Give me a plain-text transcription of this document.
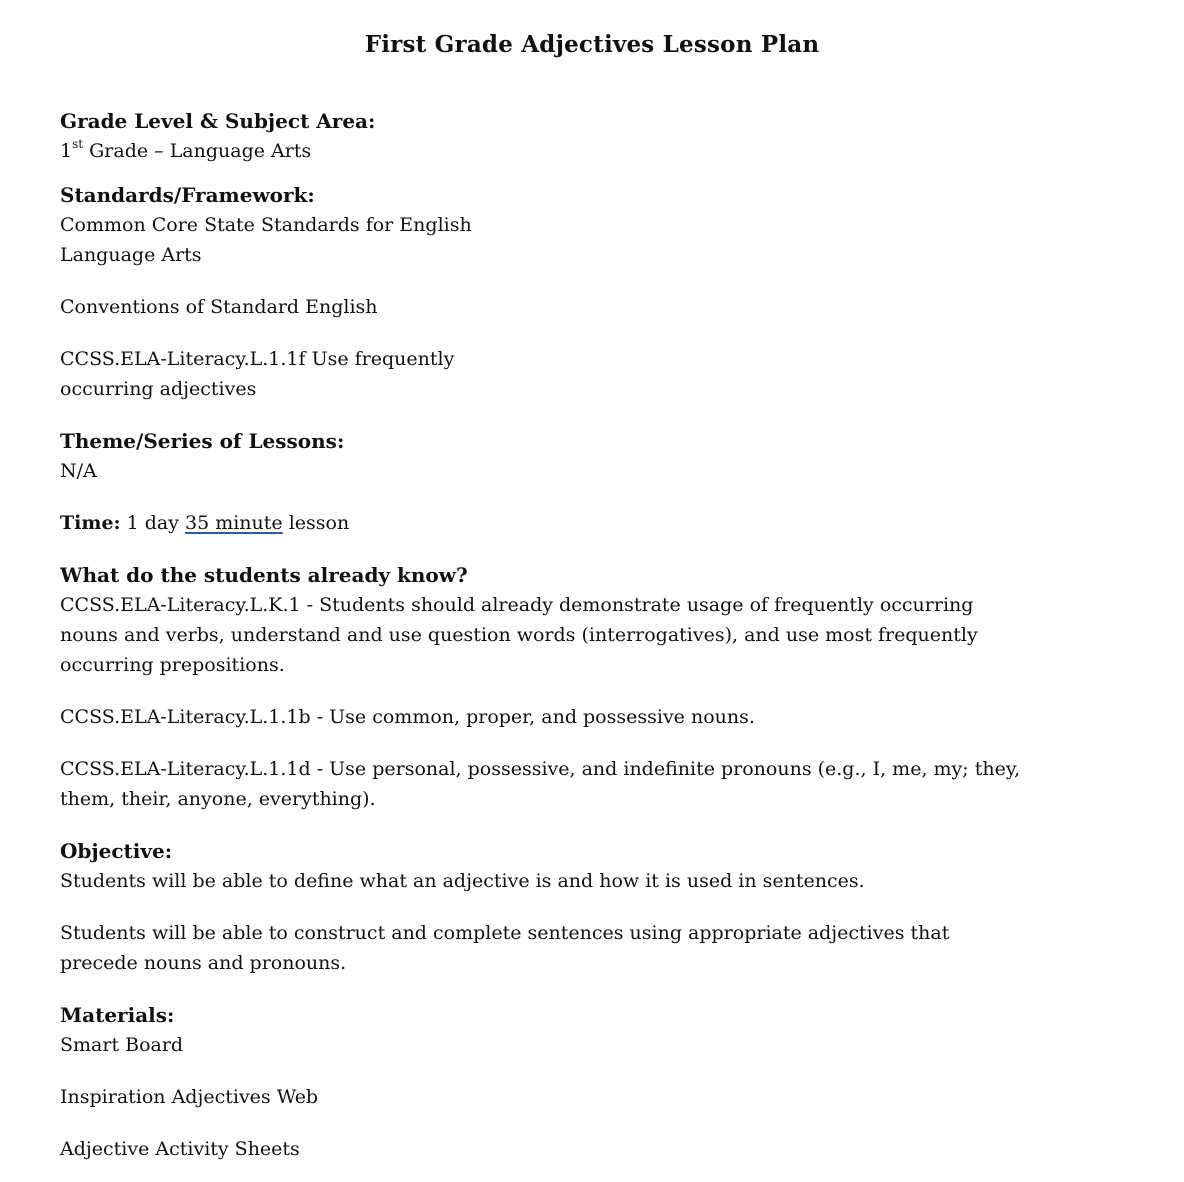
First Grade Adjectives Lesson Plan
Grade Level & Subject Area:
1st Grade – Language Arts
Standards/Framework:
Common Core State Standards for English
Language Arts
Conventions of Standard English
CCSS.ELA-Literacy.L.1.1f Use frequently
occurring adjectives
Theme/Series of Lessons:
N/A
Time: 1 day 35 minute lesson
What do the students already know?
CCSS.ELA-Literacy.L.K.1 - Students should already demonstrate usage of frequently occurring
nouns and verbs, understand and use question words (interrogatives), and use most frequently
occurring prepositions.
CCSS.ELA-Literacy.L.1.1b - Use common, proper, and possessive nouns.
CCSS.ELA-Literacy.L.1.1d - Use personal, possessive, and indefinite pronouns (e.g., I, me, my; they,
them, their, anyone, everything).
Objective:
Students will be able to define what an adjective is and how it is used in sentences.
Students will be able to construct and complete sentences using appropriate adjectives that
precede nouns and pronouns.
Materials:
Smart Board
Inspiration Adjectives Web
Adjective Activity Sheets
